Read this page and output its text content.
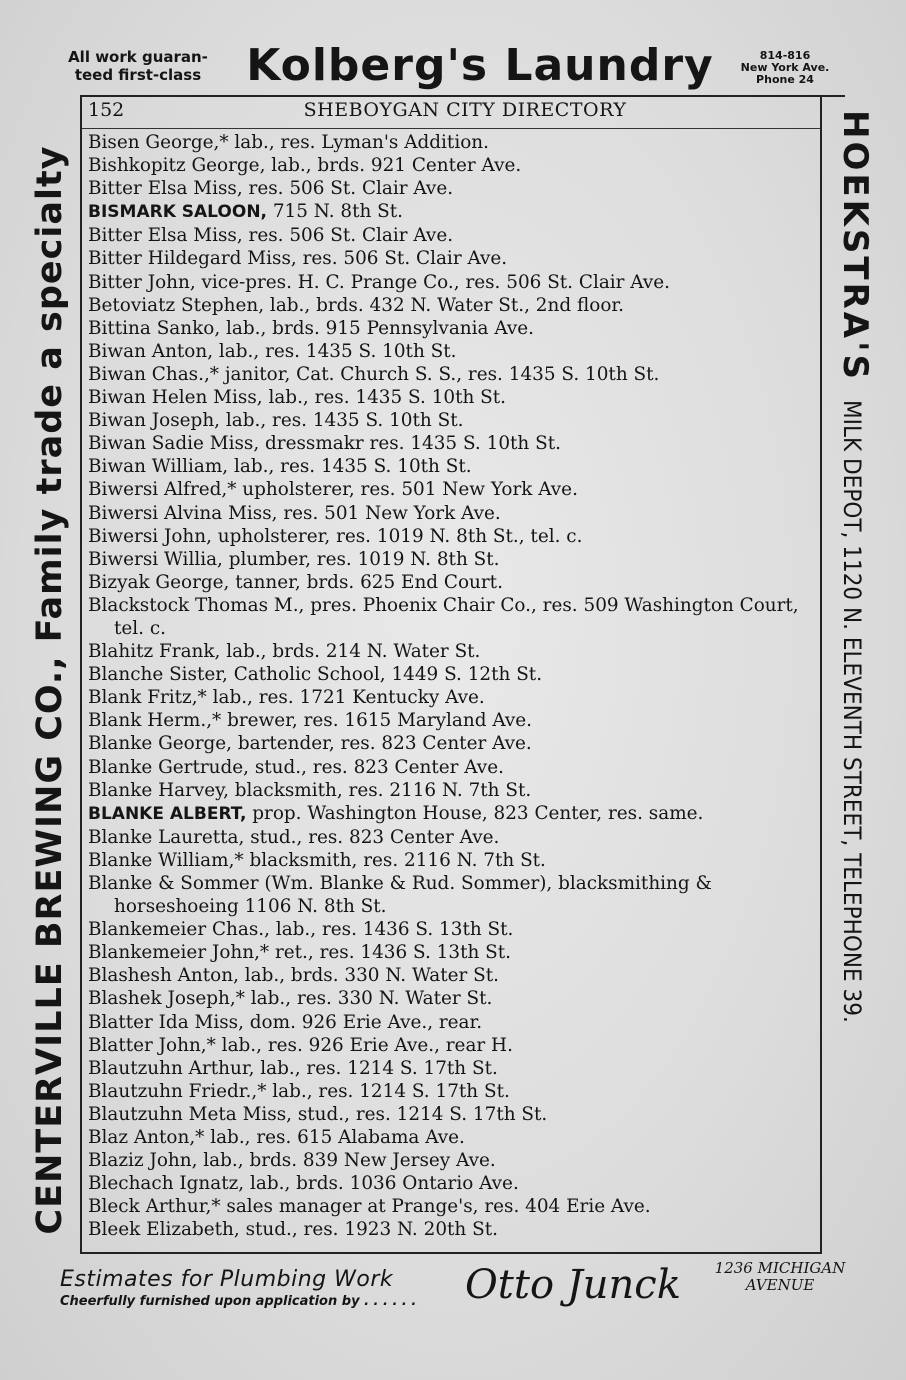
All work guaran-
teed first-class	Kolberg's Laundry	814-816
New York Ave.
Phone 24
152	SHEBOYGAN CITY DIRECTORY
Bisen George,* lab., res. Lyman's Addition.
Bishkopitz George, lab., brds. 921 Center Ave.
Bitter Elsa Miss, res. 506 St. Clair Ave.
BISMARK SALOON, 715 N. 8th St.
Bitter Elsa Miss, res. 506 St. Clair Ave.
Bitter Hildegard Miss, res. 506 St. Clair Ave.
Bitter John, vice-pres. H. C. Prange Co., res. 506 St. Clair Ave.
Betoviatz Stephen, lab., brds. 432 N. Water St., 2nd floor.
Bittina Sanko, lab., brds. 915 Pennsylvania Ave.
Biwan Anton, lab., res. 1435 S. 10th St.
Biwan Chas.,* janitor, Cat. Church S. S., res. 1435 S. 10th St.
Biwan Helen Miss, lab., res. 1435 S. 10th St.
Biwan Joseph, lab., res. 1435 S. 10th St.
Biwan Sadie Miss, dressmakr res. 1435 S. 10th St.
Biwan William, lab., res. 1435 S. 10th St.
Biwersi Alfred,* upholsterer, res. 501 New York Ave.
Biwersi Alvina Miss, res. 501 New York Ave.
Biwersi John, upholsterer, res. 1019 N. 8th St., tel. c.
Biwersi Willia, plumber, res. 1019 N. 8th St.
Bizyak George, tanner, brds. 625 End Court.
Blackstock Thomas M., pres. Phoenix Chair Co., res. 509 Washington Court, tel. c.
Blahitz Frank, lab., brds. 214 N. Water St.
Blanche Sister, Catholic School, 1449 S. 12th St.
Blank Fritz,* lab., res. 1721 Kentucky Ave.
Blank Herm.,* brewer, res. 1615 Maryland Ave.
Blanke George, bartender, res. 823 Center Ave.
Blanke Gertrude, stud., res. 823 Center Ave.
Blanke Harvey, blacksmith, res. 2116 N. 7th St.
BLANKE ALBERT, prop. Washington House, 823 Center, res. same.
Blanke Lauretta, stud., res. 823 Center Ave.
Blanke William,* blacksmith, res. 2116 N. 7th St.
Blanke & Sommer (Wm. Blanke & Rud. Sommer), blacksmithing & horseshoeing 1106 N. 8th St.
Blankemeier Chas., lab., res. 1436 S. 13th St.
Blankemeier John,* ret., res. 1436 S. 13th St.
Blashesh Anton, lab., brds. 330 N. Water St.
Blashek Joseph,* lab., res. 330 N. Water St.
Blatter Ida Miss, dom. 926 Erie Ave., rear.
Blatter John,* lab., res. 926 Erie Ave., rear H.
Blautzuhn Arthur, lab., res. 1214 S. 17th St.
Blautzuhn Friedr.,* lab., res. 1214 S. 17th St.
Blautzuhn Meta Miss, stud., res. 1214 S. 17th St.
Blaz Anton,* lab., res. 615 Alabama Ave.
Blaziz John, lab., brds. 839 New Jersey Ave.
Blechach Ignatz, lab., brds. 1036 Ontario Ave.
Bleck Arthur,* sales manager at Prange's, res. 404 Erie Ave.
Bleek Elizabeth, stud., res. 1923 N. 20th St.
CENTERVILLE BREWING CO., Family trade a specialty	HOEKSTRA'SMILK DEPOT, 1120 N. ELEVENTH STREET, TELEPHONE 39.
Estimates for Plumbing Work
Cheerfully furnished upon application by . . . . . . Otto Junck	1236 MICHIGAN
AVENUE
